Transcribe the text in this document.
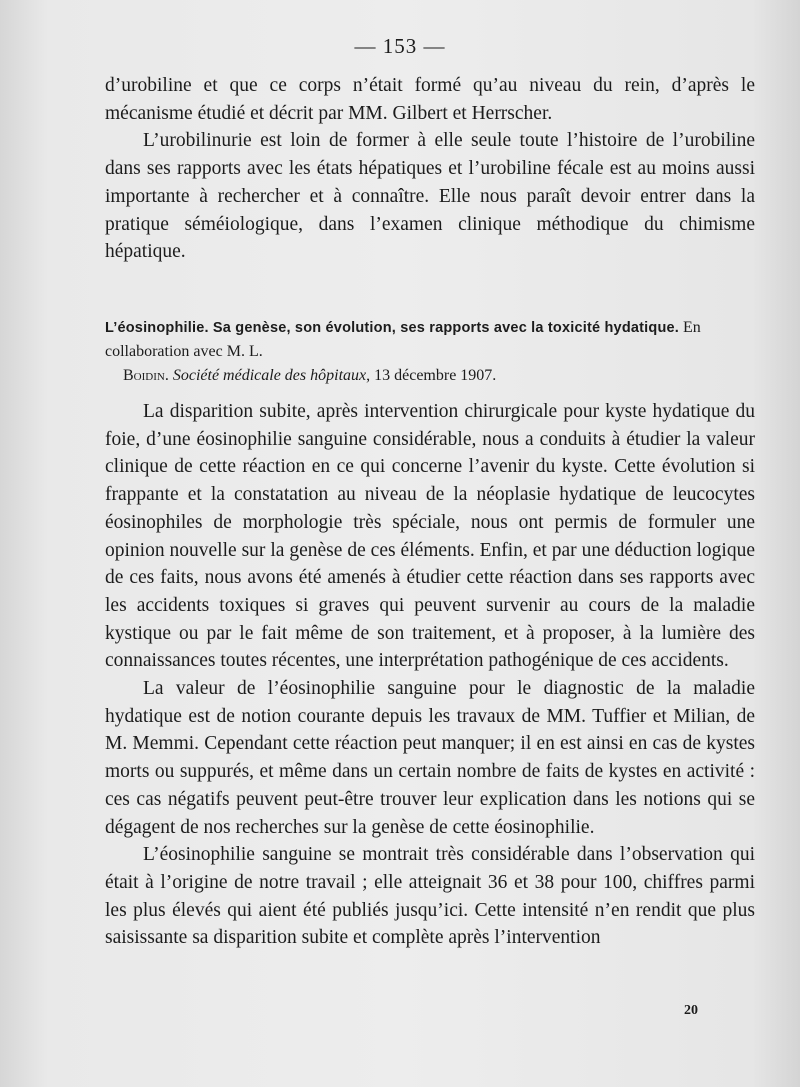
— 153 —

d’urobiline et que ce corps n’était formé qu’au niveau du rein, d’après le mécanisme étudié et décrit par MM. Gilbert et Herrscher.

L’urobilinurie est loin de former à elle seule toute l’histoire de l’urobiline dans ses rapports avec les états hépatiques et l’urobiline fécale est au moins aussi importante à rechercher et à connaître. Elle nous paraît devoir entrer dans la pratique séméiologique, dans l’examen clinique méthodique du chimisme hépatique.

L’éosinophilie. Sa genèse, son évolution, ses rapports avec la toxicité hydatique. En collaboration avec M. L.
Boidin. Société médicale des hôpitaux, 13 décembre 1907.

La disparition subite, après intervention chirurgicale pour kyste hydatique du foie, d’une éosinophilie sanguine considérable, nous a conduits à étudier la valeur clinique de cette réaction en ce qui concerne l’avenir du kyste. Cette évolution si frappante et la constatation au niveau de la néoplasie hydatique de leucocytes éosinophiles de morphologie très spéciale, nous ont permis de formuler une opinion nouvelle sur la genèse de ces éléments. Enfin, et par une déduction logique de ces faits, nous avons été amenés à étudier cette réaction dans ses rapports avec les accidents toxiques si graves qui peuvent survenir au cours de la maladie kystique ou par le fait même de son traitement, et à proposer, à la lumière des connaissances toutes récentes, une interprétation pathogénique de ces accidents.

La valeur de l’éosinophilie sanguine pour le diagnostic de la maladie hydatique est de notion courante depuis les travaux de MM. Tuffier et Milian, de M. Memmi. Cependant cette réaction peut manquer; il en est ainsi en cas de kystes morts ou suppurés, et même dans un certain nombre de faits de kystes en activité : ces cas négatifs peuvent peut-être trouver leur explication dans les notions qui se dégagent de nos recherches sur la genèse de cette éosinophilie.

L’éosinophilie sanguine se montrait très considérable dans l’observation qui était à l’origine de notre travail ; elle atteignait 36 et 38 pour 100, chiffres parmi les plus élevés qui aient été publiés jusqu’ici. Cette intensité n’en rendit que plus saisissante sa disparition subite et complète après l’intervention

20
